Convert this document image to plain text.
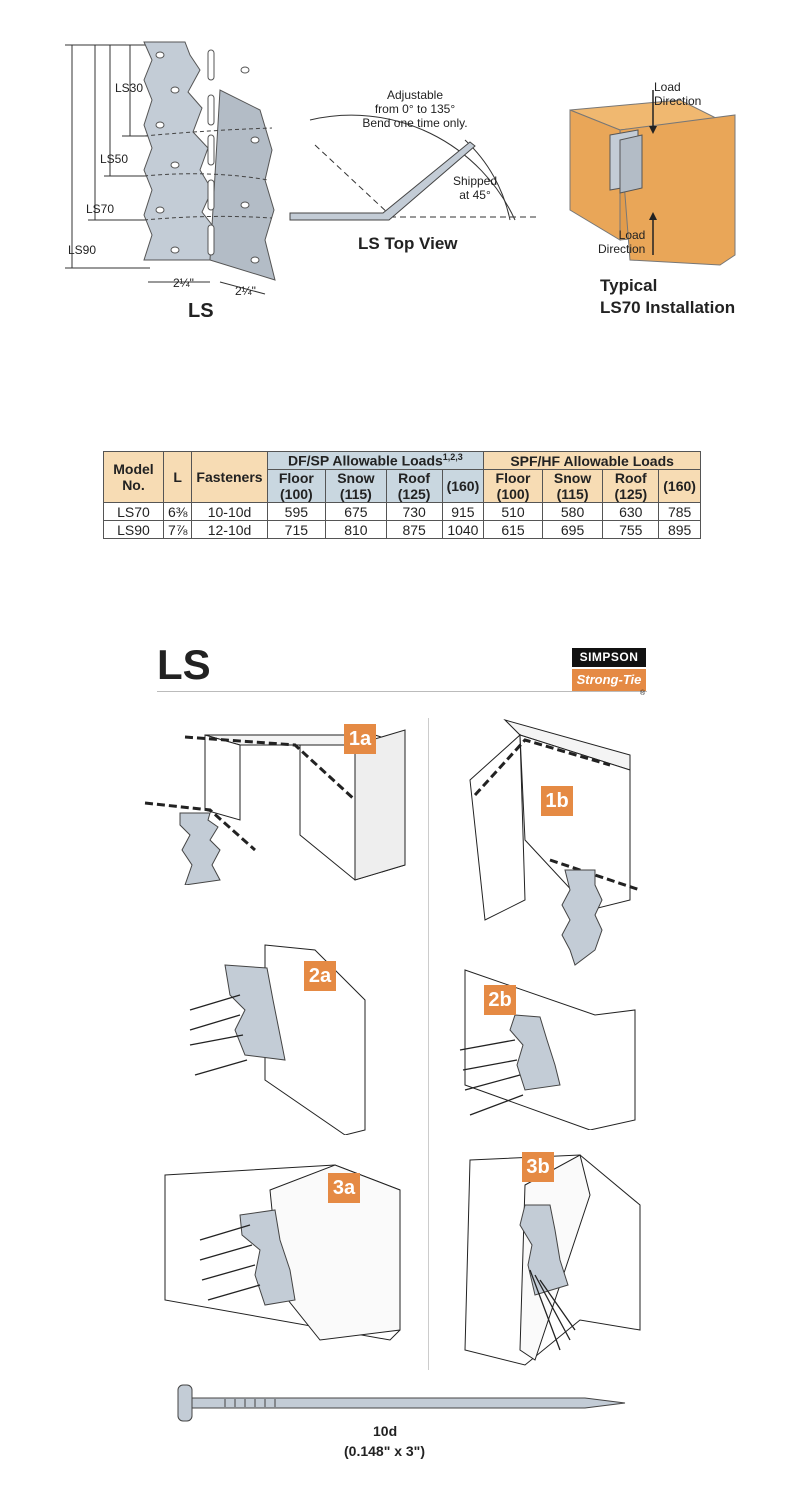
LS30
LS50
LS70
LS90
2¼"
2¼"
LS
Adjustable
from 0° to 135°
Bend one time only.
Shipped
at 45°
LS Top View
Load
Direction
Load
Direction
Typical
LS70 Installation
Model No.	L	Fasteners	DF/SP Allowable Loads$^{1,2,3}$				SPF/HF Allowable Loads			
			Floor (100)	Snow (115)	Roof (125)	(160)	Floor (100)	Snow (115)	Roof (125)	(160)
LS70	6⅜	10-10d	595	675	730	915	510	580	630	785
LS90	7⅞	12-10d	715	810	875	1040	615	695	755	895
LS	SIMPSON
Strong-Tie
®
1a
1b
2a
2b
3a
3b
10d
(0.148" x 3")
